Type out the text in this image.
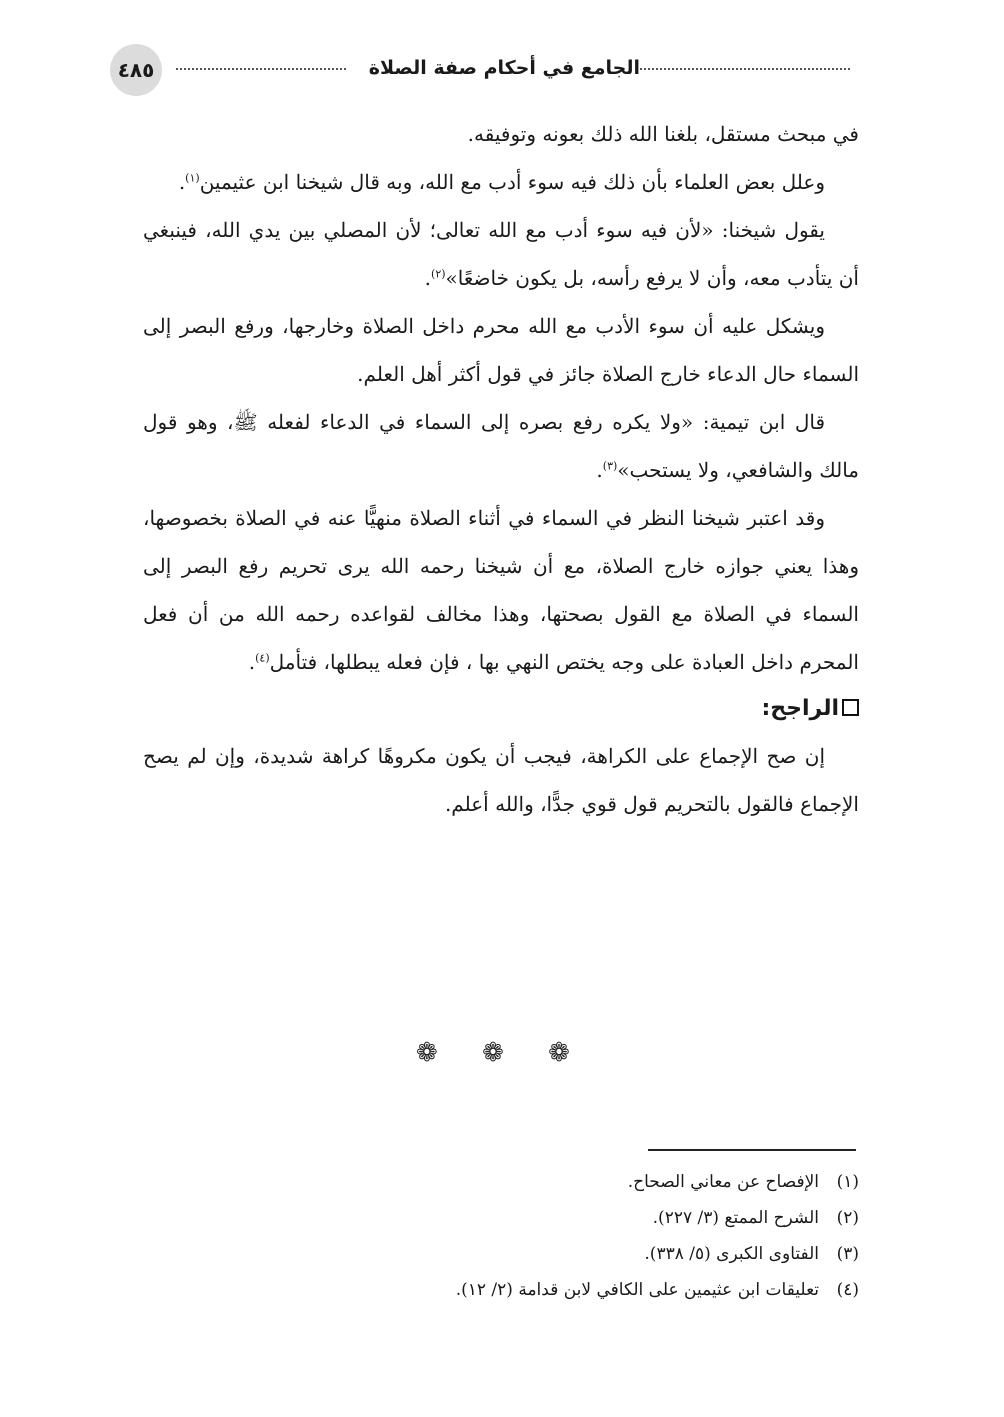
الجامع في أحكام صفة الصلاة
٤٨٥

في مبحث مستقل، بلغنا الله ذلك بعونه وتوفيقه.

وعلل بعض العلماء بأن ذلك فيه سوء أدب مع الله، وبه قال شيخنا ابن عثيمين$^{(١)}$.

يقول شيخنا: «لأن فيه سوء أدب مع الله تعالى؛ لأن المصلي بين يدي الله، فينبغي أن يتأدب معه، وأن لا يرفع رأسه، بل يكون خاضعًا»$^{(٢)}$.

ويشكل عليه أن سوء الأدب مع الله محرم داخل الصلاة وخارجها، ورفع البصر إلى السماء حال الدعاء خارج الصلاة جائز في قول أكثر أهل العلم.

قال ابن تيمية: «ولا يكره رفع بصره إلى السماء في الدعاء لفعله ﷺ، وهو قول مالك والشافعي، ولا يستحب»$^{(٣)}$.

وقد اعتبر شيخنا النظر في السماء في أثناء الصلاة منهيًّا عنه في الصلاة بخصوصها، وهذا يعني جوازه خارج الصلاة، مع أن شيخنا رحمه الله يرى تحريم رفع البصر إلى السماء في الصلاة مع القول بصحتها، وهذا مخالف لقواعده رحمه الله من أن فعل المحرم داخل العبادة على وجه يختص النهي بها ، فإن فعله يبطلها، فتأمل$^{(٤)}$.

الراجح:

إن صح الإجماع على الكراهة، فيجب أن يكون مكروهًا كراهة شديدة، وإن لم يصح الإجماع فالقول بالتحريم قول قوي جدًّا، والله أعلم.

❁ ❁ ❁

(١)الإفصاح عن معاني الصحاح.

(٢)الشرح الممتع (٣/ ٢٢٧).

(٣)الفتاوى الكبرى (٥/ ٣٣٨).

(٤)تعليقات ابن عثيمين على الكافي لابن قدامة (٢/ ١٢).
